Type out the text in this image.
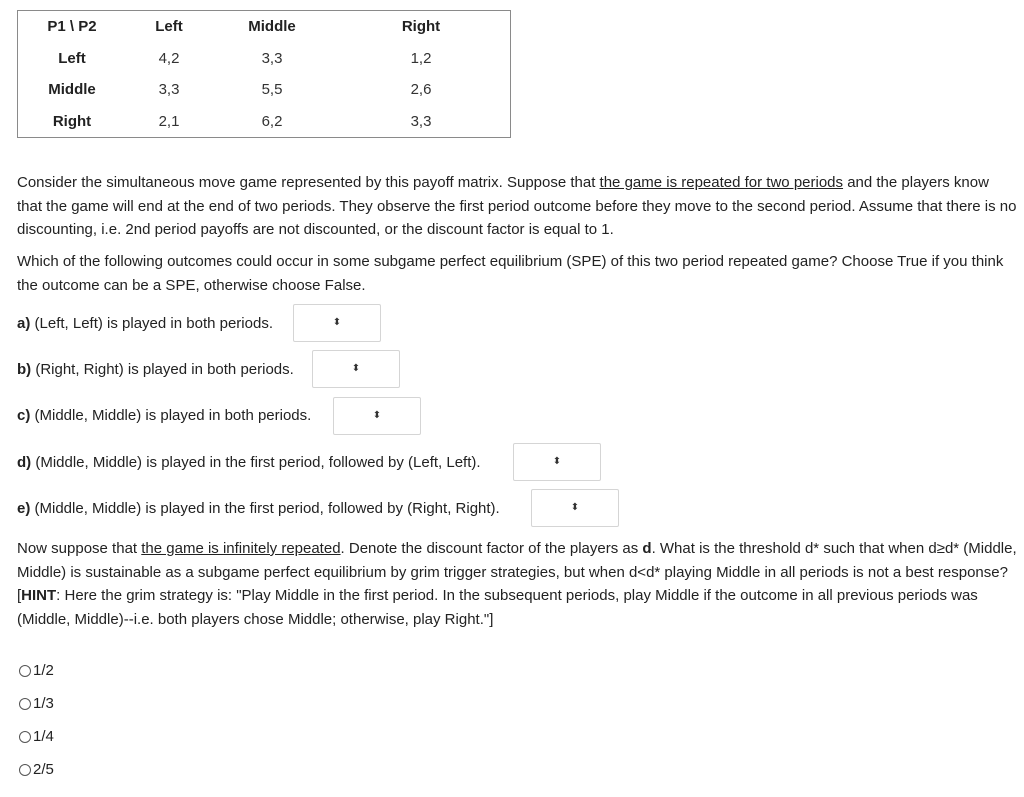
P1 \ P2	Left	Middle	Right
Left	4,2	3,3	1,2
Middle	3,3	5,5	2,6
Right	2,1	6,2	3,3

Consider the simultaneous move game represented by this payoff matrix. Suppose that the game is repeated for two periods and the players know that the game will end at the end of two periods. They observe the first period outcome before they move to the second period. Assume that there is no discounting, i.e. 2nd period payoffs are not discounted, or the discount factor is equal to 1.

Which of the following outcomes could occur in some subgame perfect equilibrium (SPE) of this two period repeated game? Choose True if you think the outcome can be a SPE, otherwise choose False.

a) (Left, Left) is played in both periods.	⬍
b) (Right, Right) is played in both periods.	⬍
c) (Middle, Middle) is played in both periods.	⬍
d) (Middle, Middle) is played in the first period, followed by (Left, Left).	⬍
e) (Middle, Middle) is played in the first period, followed by (Right, Right).	⬍

Now suppose that the game is infinitely repeated. Denote the discount factor of the players as d. What is the threshold d* such that when d≥d* (Middle, Middle) is sustainable as a subgame perfect equilibrium by grim trigger strategies, but when d<d* playing Middle in all periods is not a best response? [HINT: Here the grim strategy is: "Play Middle in the first period. In the subsequent periods, play Middle if the outcome in all previous periods was (Middle, Middle)--i.e. both players chose Middle; otherwise, play Right."]

1/2
1/3
1/4
2/5
